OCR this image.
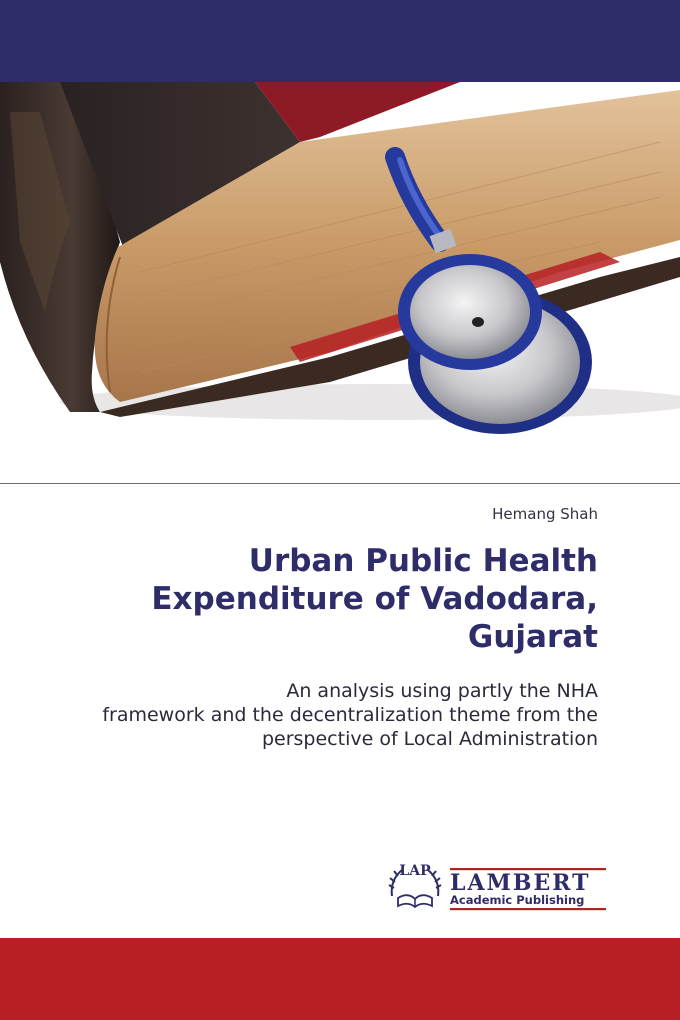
Hemang Shah
Urban Public Health
Expenditure of Vadodara,
Gujarat
An analysis using partly the NHA
framework and the decentralization theme from the
perspective of Local Administration
LAP LAMBERT
Academic Publishing
